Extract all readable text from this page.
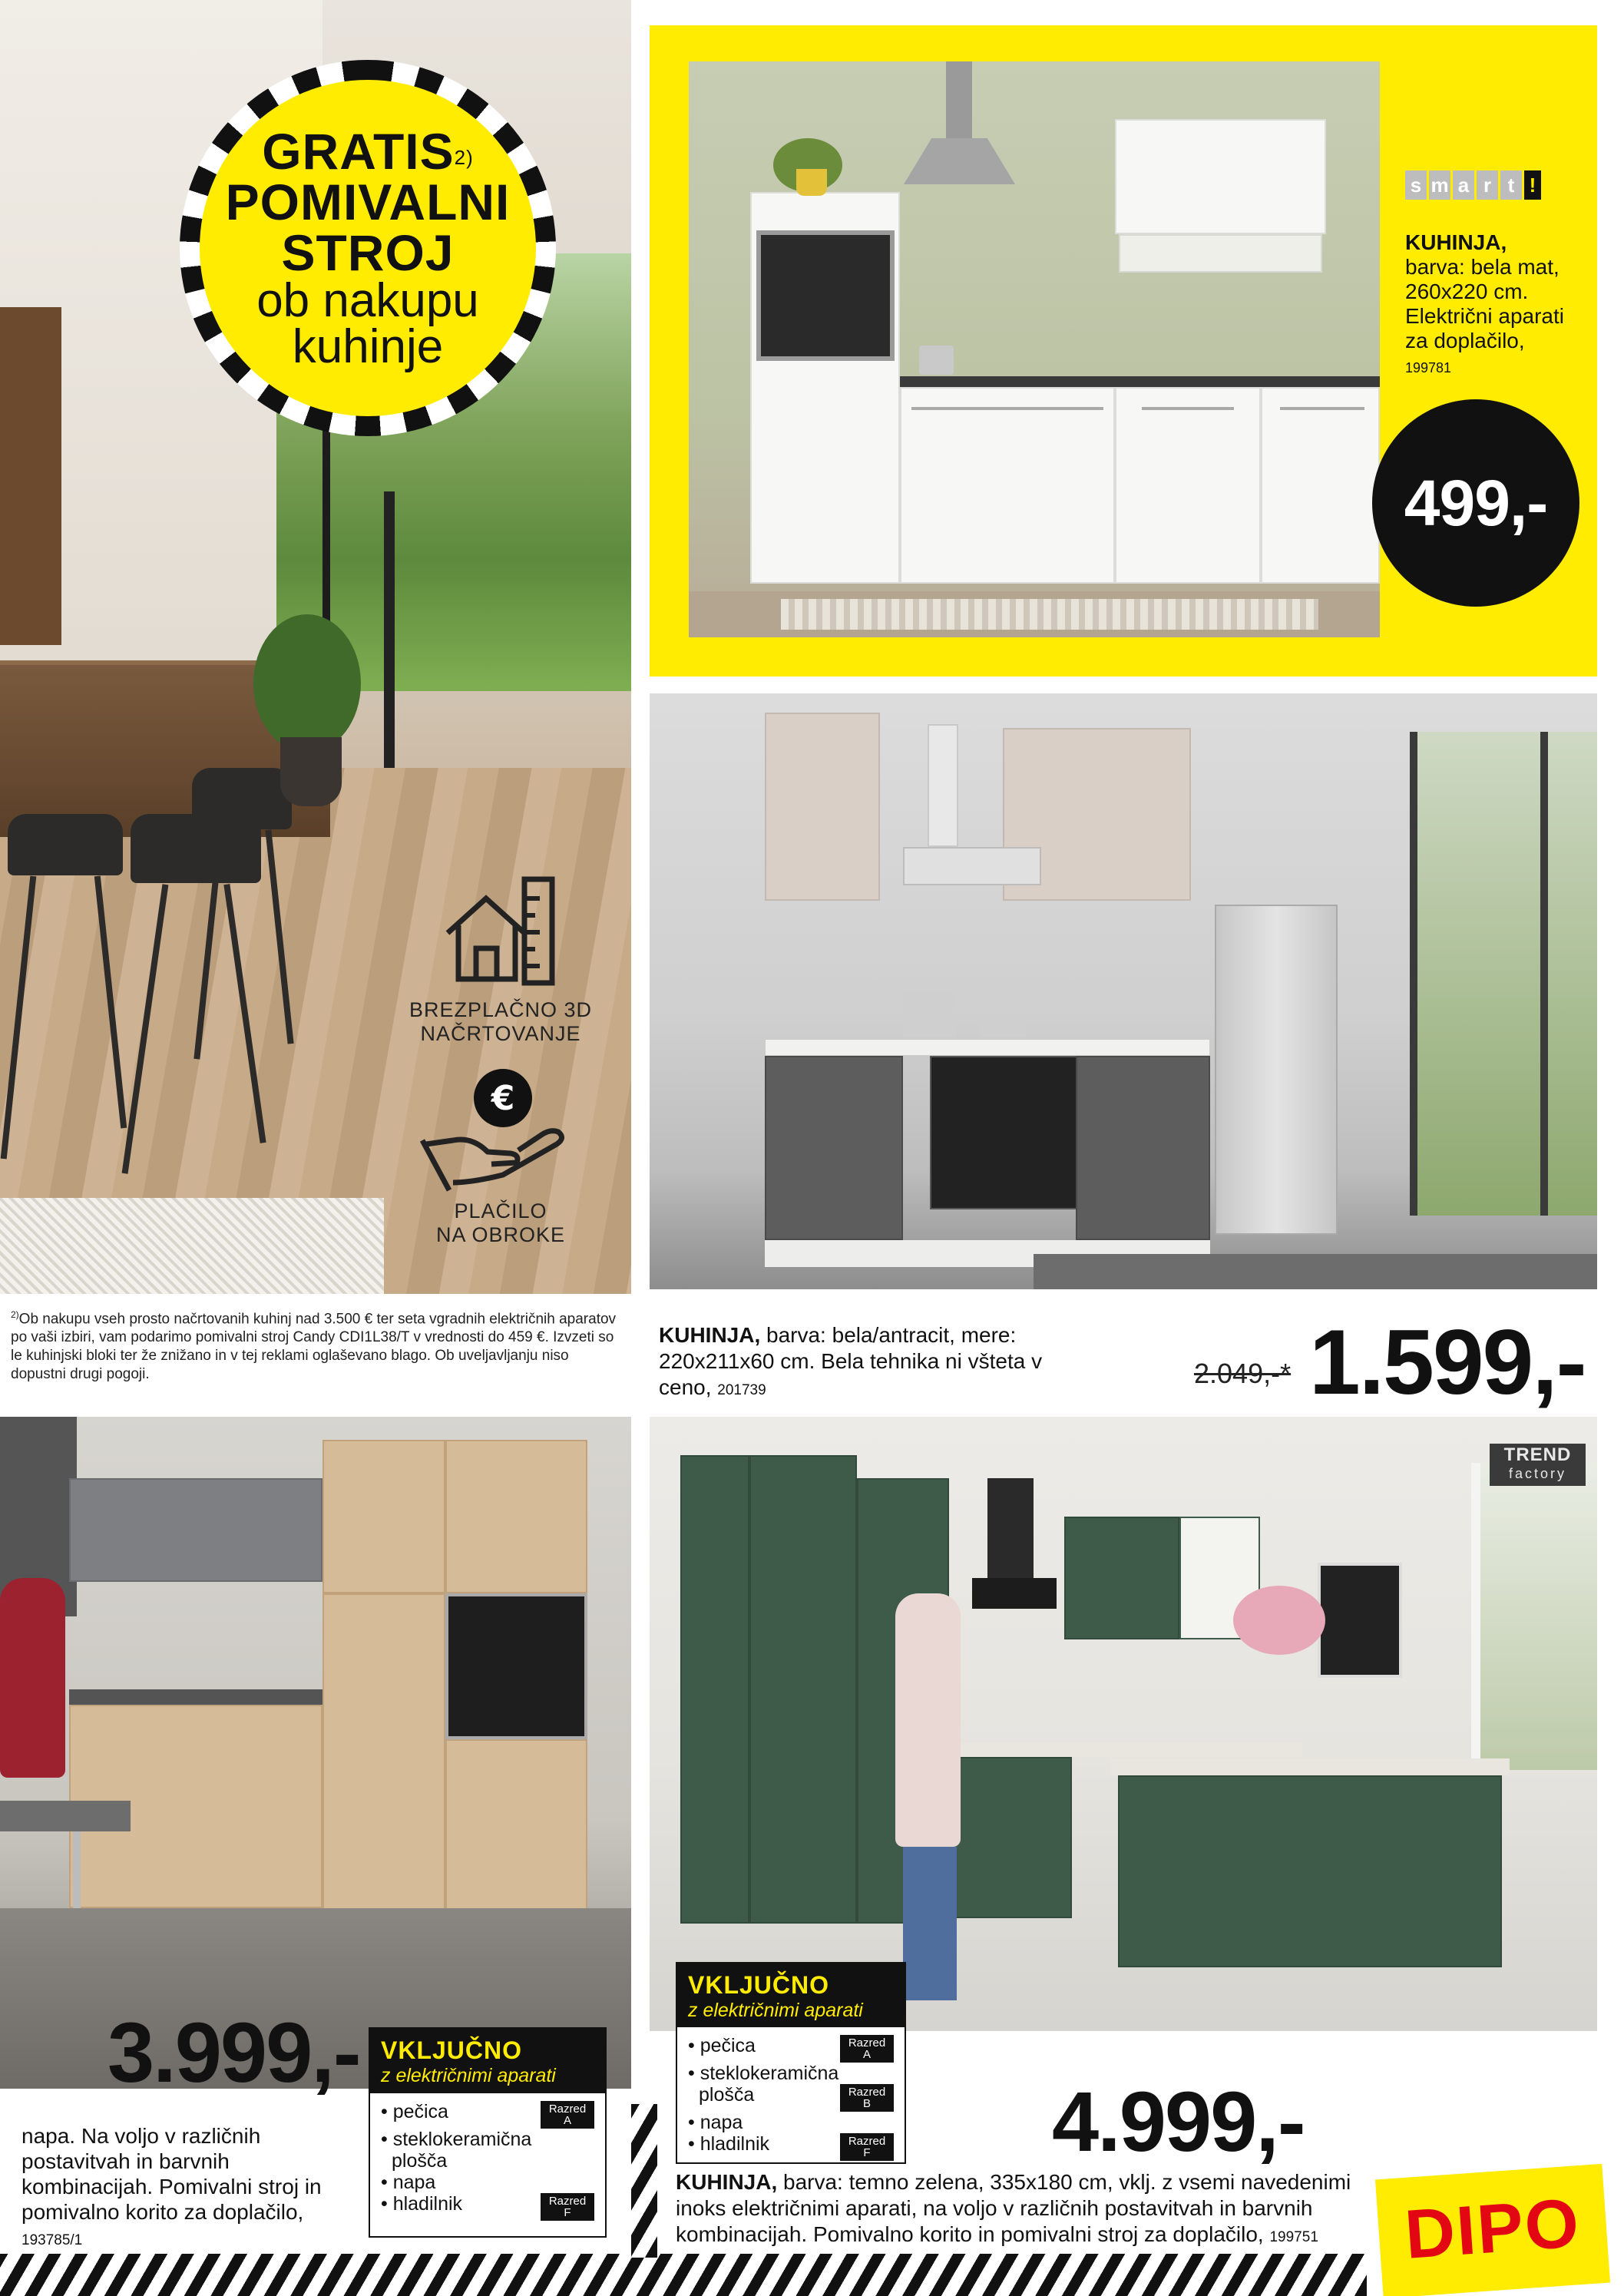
GRATIS$^{2)}$
POMIVALNI
STROJ
ob nakupu
kuhinje
BREZPLAČNO 3D
NAČRTOVANJE
€
PLAČILO
NA OBROKE
$^{2)}$Ob nakupu vseh prosto načrtovanih kuhinj nad 3.500 € ter seta vgradnih električnih aparatov po vaši izbiri, vam podarimo pomivalni stroj Candy CDI1L38/T v vrednosti do 459 €. Izvzeti so le kuhinjski bloki ter že znižano in v tej reklami oglaševano blago. Ob uveljavljanju niso dopustni drugi pogoji.
s m a r t !
KUHINJA,
barva: bela mat, 260x220 cm. Električni aparati za doplačilo,
199781
499,-
KUHINJA, barva: bela/antracit, mere: 220x211x60 cm. Bela tehnika ni všteta v ceno, 201739
2.049,-* 1.599,-
3.999,- VKLJUČNO
z električnimi aparati
• pečica	Razred
A
• steklokeramična
plošča
• napa
• hladilnik	Razred
F
napa. Na voljo v različnih postavitvah in barvnih kombinacijah. Pomivalni stroj in pomivalno korito za doplačilo,
193785/1
TREND
factory
VKLJUČNO
z električnimi aparati
• pečica	Razred
A
• steklokeramična
plošča	Razred
B
• napa
• hladilnik	Razred
F 4.999,-
KUHINJA, barva: temno zelena, 335x180 cm, vklj. z vsemi navedenimi inoks električnimi aparati, na voljo v različnih postavitvah in barvnih kombinacijah. Pomivalno korito in pomivalni stroj za doplačilo, 199751	DIPO
